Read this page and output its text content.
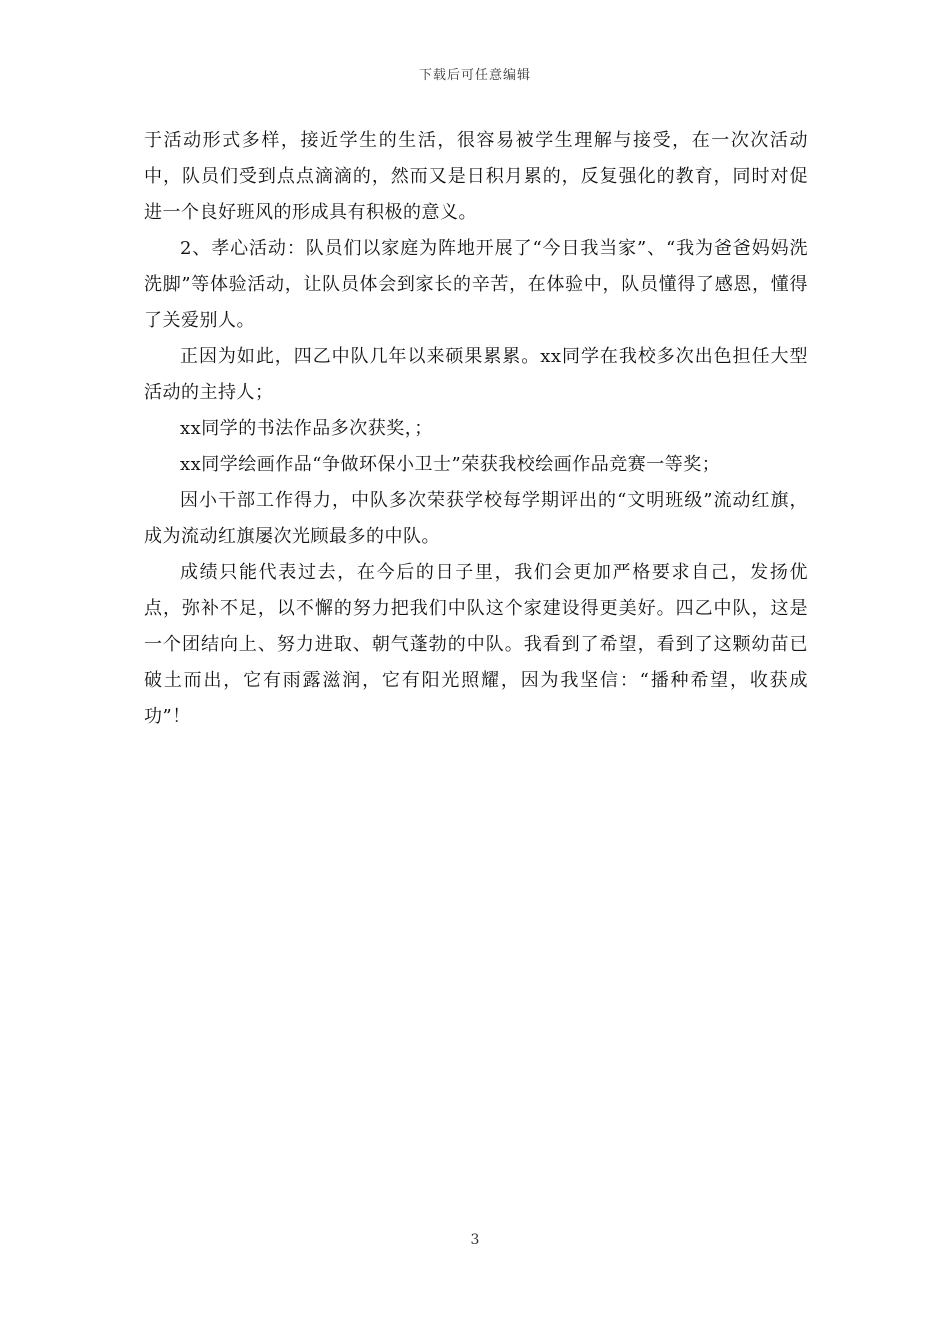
下载后可任意编辑

于活动形式多样，接近学生的生活，很容易被学生理解与接受，在一次次活动中，队员们受到点点滴滴的，然而又是日积月累的，反复强化的教育，同时对促进一个良好班风的形成具有积极的意义。

2、孝心活动：队员们以家庭为阵地开展了“今日我当家”、“我为爸爸妈妈洗洗脚”等体验活动，让队员体会到家长的辛苦，在体验中，队员懂得了感恩，懂得了关爱别人。

正因为如此，四乙中队几年以来硕果累累。xx同学在我校多次出色担任大型活动的主持人；

xx同学的书法作品多次获奖，；

xx同学绘画作品“争做环保小卫士”荣获我校绘画作品竞赛一等奖；

因小干部工作得力，中队多次荣获学校每学期评出的“文明班级”流动红旗，成为流动红旗屡次光顾最多的中队。

成绩只能代表过去，在今后的日子里，我们会更加严格要求自己，发扬优点，弥补不足，以不懈的努力把我们中队这个家建设得更美好。四乙中队，这是一个团结向上、努力进取、朝气蓬勃的中队。我看到了希望，看到了这颗幼苗已破土而出，它有雨露滋润，它有阳光照耀，因为我坚信：“播种希望，收获成功”！

3
